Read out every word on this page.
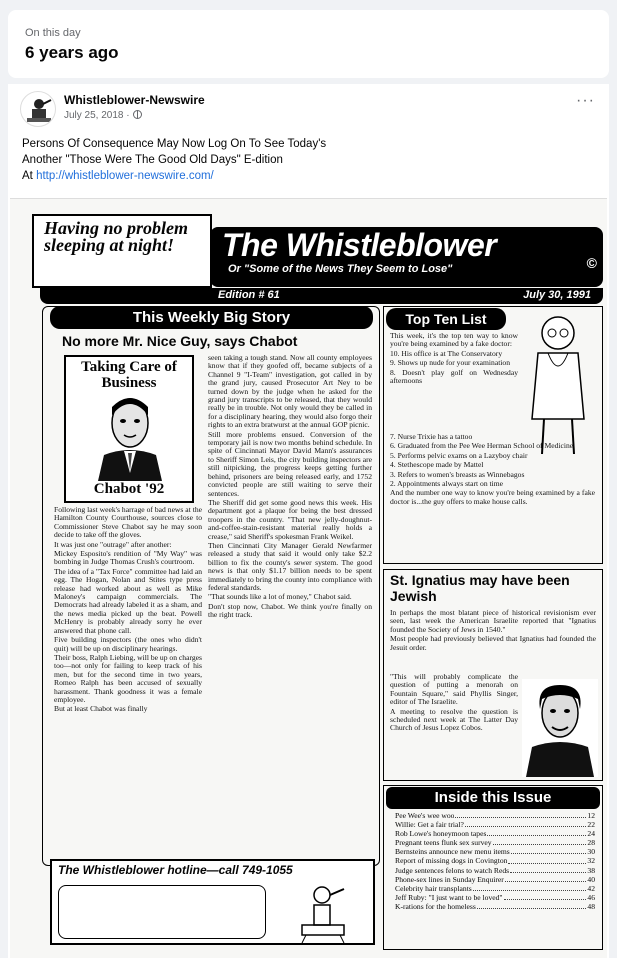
On this day
6 years ago
Whistleblower-Newswire
July 25, 2018 ·
···
Persons Of Consequence May Now Log On To See Today's
Another "Those Were The Good Old Days" E-dition
At http://whistleblower-newswire.com/
Having no problem sleeping at night!	The Whistleblower
Or "Some of the News They Seem to Lose"	©
Edition # 61	July 30, 1991
This Weekly Big Story
No more Mr. Nice Guy, says Chabot
Taking Care of Business
Chabot '92

Following last week's harrage of bad news at the Hamilton County Courthouse, sources close to Commissioner Steve Chabot say he may soon decide to take off the gloves.

It was just one "outrage" after another:

Mickey Esposito's rendition of "My Way" was bombing in Judge Thomas Crush's courtroom.

The idea of a "Tax Force" committee had laid an egg. The Hogan, Nolan and Stites type press release had worked about as well as Mike Maloney's campaign commercials. The Democrats had already labeled it as a sham, and the news media picked up the beat. Powell McHenry is probably already sorry he ever answered that phone call.

Five building inspectors (the ones who didn't quit) will be up on disciplinary hearings.

Their boss, Ralph Liebing, will be up on charges too—not only for failing to keep track of his men, but for the second time in two years, Romeo Ralph has been accused of sexually harassment. Thank goodness it was a female employee.

But at least Chabot was finally

seen taking a tough stand. Now all county employees know that if they goofed off, became subjects of a Channel 9 "I-Team" investigation, got called in by the grand jury, caused Prosecutor Art Ney to be turned down by the judge when he asked for the grand jury transcripts to be released, that they would really be in trouble. Not only would they be called in for a disciplinary hearing, they would also forgo their rights to an extra bratwurst at the annual GOP picnic.

Still more problems ensued. Conversion of the temporary jail is now two months behind schedule. In spite of Cincinnati Mayor David Mann's assurances to Sheriff Simon Leis, the city building inspectors are still nitpicking, the progress keeps getting further behind, prisoners are being released early, and 1752 convicted people are still waiting to serve their sentences.

The Sheriff did get some good news this week. His department got a plaque for being the best dressed troopers in the country. "That new jelly-doughnut-and-coffee-stain-resistant material really holds a crease," said Sheriff's spokesman Frank Weikel.

Then Cincinnati City Manager Gerald Newfarmer released a study that said it would only take $2.2 billion to fix the county's sewer system. The good news is that only $1.17 billion needs to be spent immediately to bring the county into compliance with federal standards.

"That sounds like a lot of money," Chabot said.

Don't stop now, Chabot. We think you're finally on the right track.

The Whistleblower hotline—call 749-1055
Top Ten List

This week, it's the top ten way to know you're being examined by a fake doctor:

10. His office is at The Conservatory

9. Shows up nude for your examination

8. Doesn't play golf on Wednesday afternoons

7. Nurse Trixie has a tattoo

6. Graduated from the Pee Wee Herman School of Medicine

5. Performs pelvic exams on a Lazyboy chair

4. Stethescope made by Mattel

3. Refers to women's breasts as Winnebagos

2. Appointments always start on time

And the number one way to know you're being examined by a fake doctor is...the guy offers to make house calls.

St. Ignatius may have been Jewish

In perhaps the most blatant piece of historical revisionism ever seen, last week the American Israelite reported that "Ignatius founded the Society of Jews in 1540."

Most people had previously believed that Ignatius had founded the Jesuit order.

"This will probably complicate the question of putting a menorah on Fountain Square," said Phyllis Singer, editor of The Israelite.

A meeting to resolve the question is scheduled next week at The Latter Day Church of Jesus Lopez Cobos.

Inside this Issue
Pee Wee's wee woo	12
Willie: Get a fair trial?	22
Rob Lowe's honeymoon tapes	24
Pregnant teens flunk sex survey	28
Bernsteins announce new menu items	30
Report of missing dogs in Covington	32
Judge sentences felons to watch Reds	38
Phone-sex lines in Sunday Enquirer	40
Celebrity hair transplants	42
Jeff Ruby: "I just want to be loved"	46
K-rations for the homeless	48
